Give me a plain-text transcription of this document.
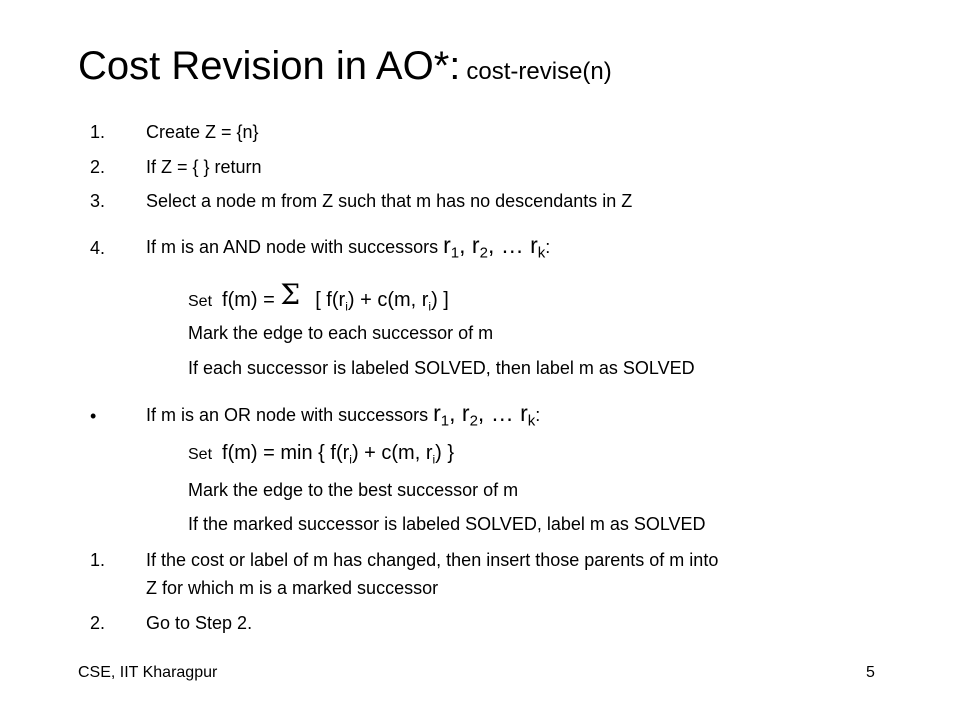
Cost Revision in AO*: cost-revise(n)
1. Create Z = {n}
2. If Z = { } return
3. Select a node m from Z such that m has no descendants in Z
4. If m is an AND node with successors $r_1$, $r_2$, … $r_k$:
Set f(m) = Σ [ $f(r_i) + c(m$, $r_i$) ]
Mark the edge to each successor of m
If each successor is labeled SOLVED, then label m as SOLVED
•	If m is an OR node with successors $r_1$, $r_2$, … $r_k$:
Set f(m) = min { $f(r_i) + c(m$, $r_i$) }
Mark the edge to the best successor of m
If the marked successor is labeled SOLVED, label m as SOLVED
1. If the cost or label of m has changed, then insert those parents of m into
Z for which m is a marked successor
2. Go to Step 2.
CSE, IIT Kharagpur	5
